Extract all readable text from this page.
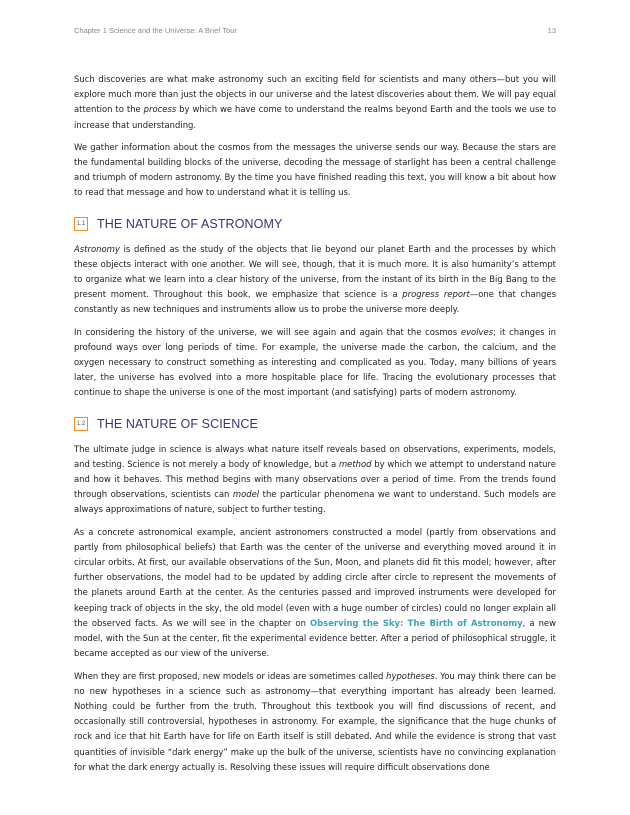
Chapter 1 Science and the Universe: A Brief Tour	13

Such discoveries are what make astronomy such an exciting field for scientists and many others—but you will explore much more than just the objects in our universe and the latest discoveries about them. We will pay equal attention to the process by which we have come to understand the realms beyond Earth and the tools we use to increase that understanding.

We gather information about the cosmos from the messages the universe sends our way. Because the stars are the fundamental building blocks of the universe, decoding the message of starlight has been a central challenge and triumph of modern astronomy. By the time you have finished reading this text, you will know a bit about how to read that message and how to understand what it is telling us.

1.1 THE NATURE OF ASTRONOMY

Astronomy is defined as the study of the objects that lie beyond our planet Earth and the processes by which these objects interact with one another. We will see, though, that it is much more. It is also humanity’s attempt to organize what we learn into a clear history of the universe, from the instant of its birth in the Big Bang to the present moment. Throughout this book, we emphasize that science is a progress report—one that changes constantly as new techniques and instruments allow us to probe the universe more deeply.

In considering the history of the universe, we will see again and again that the cosmos evolves; it changes in profound ways over long periods of time. For example, the universe made the carbon, the calcium, and the oxygen necessary to construct something as interesting and complicated as you. Today, many billions of years later, the universe has evolved into a more hospitable place for life. Tracing the evolutionary processes that continue to shape the universe is one of the most important (and satisfying) parts of modern astronomy.

1.2 THE NATURE OF SCIENCE

The ultimate judge in science is always what nature itself reveals based on observations, experiments, models, and testing. Science is not merely a body of knowledge, but a method by which we attempt to understand nature and how it behaves. This method begins with many observations over a period of time. From the trends found through observations, scientists can model the particular phenomena we want to understand. Such models are always approximations of nature, subject to further testing.

As a concrete astronomical example, ancient astronomers constructed a model (partly from observations and partly from philosophical beliefs) that Earth was the center of the universe and everything moved around it in circular orbits. At first, our available observations of the Sun, Moon, and planets did fit this model; however, after further observations, the model had to be updated by adding circle after circle to represent the movements of the planets around Earth at the center. As the centuries passed and improved instruments were developed for keeping track of objects in the sky, the old model (even with a huge number of circles) could no longer explain all the observed facts. As we will see in the chapter on Observing the Sky: The Birth of Astronomy, a new model, with the Sun at the center, fit the experimental evidence better. After a period of philosophical struggle, it became accepted as our view of the universe.

When they are first proposed, new models or ideas are sometimes called hypotheses. You may think there can be no new hypotheses in a science such as astronomy—that everything important has already been learned. Nothing could be further from the truth. Throughout this textbook you will find discussions of recent, and occasionally still controversial, hypotheses in astronomy. For example, the significance that the huge chunks of rock and ice that hit Earth have for life on Earth itself is still debated. And while the evidence is strong that vast quantities of invisible “dark energy” make up the bulk of the universe, scientists have no convincing explanation for what the dark energy actually is. Resolving these issues will require difficult observations done
